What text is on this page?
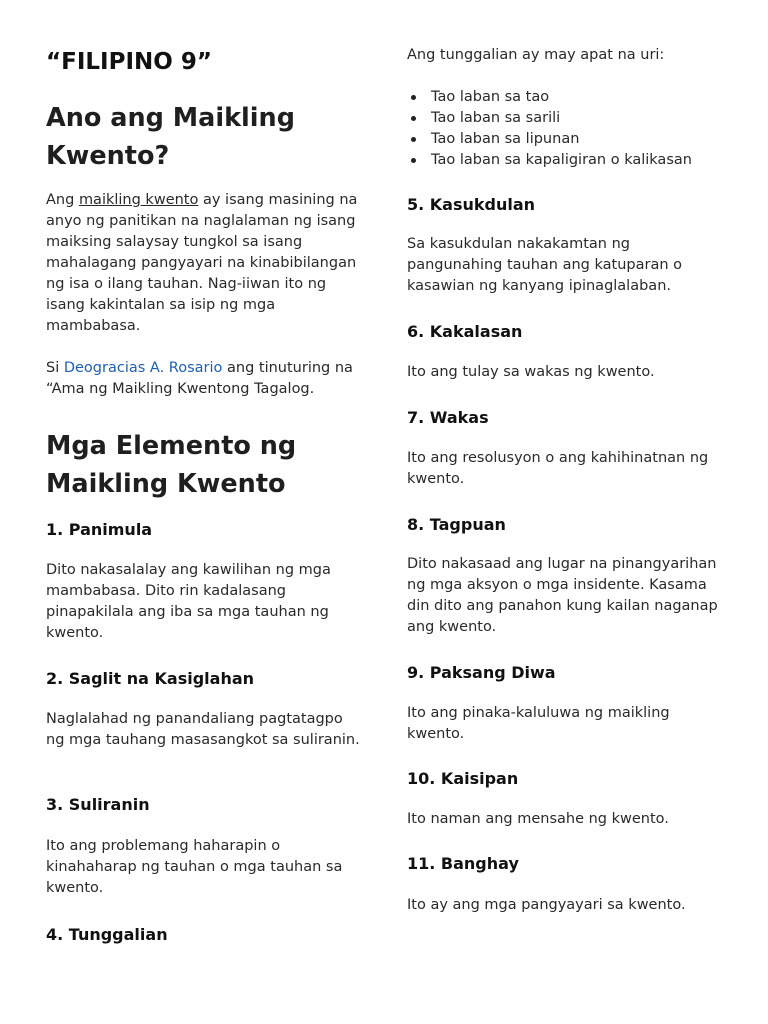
“FILIPINO 9”
Ano ang Maikling Kwento?

Ang maikling kwento ay isang masining na anyo ng panitikan na naglalaman ng isang maiksing salaysay tungkol sa isang mahalagang pangyayari na kinabibilangan ng isa o ilang tauhan. Nag-iiwan ito ng isang kakintalan sa isip ng mga mambabasa.

Si Deogracias A. Rosario ang tinuturing na “Ama ng Maikling Kwentong Tagalog.

Mga Elemento ng Maikling Kwento
1. Panimula

Dito nakasalalay ang kawilihan ng mga mambabasa. Dito rin kadalasang pinapakilala ang iba sa mga tauhan ng kwento.

2. Saglit na Kasiglahan

Naglalahad ng panandaliang pagtatagpo ng mga tauhang masasangkot sa suliranin.

3. Suliranin

Ito ang problemang haharapin o kinahaharap ng tauhan o mga tauhan sa kwento.

4. Tunggalian

Ang tunggalian ay may apat na uri:

Tao laban sa tao
Tao laban sa sarili
Tao laban sa lipunan
Tao laban sa kapaligiran o kalikasan
5. Kasukdulan

Sa kasukdulan nakakamtan ng pangunahing tauhan ang katuparan o kasawian ng kanyang ipinaglalaban.

6. Kakalasan

Ito ang tulay sa wakas ng kwento.

7. Wakas

Ito ang resolusyon o ang kahihinatnan ng kwento.

8. Tagpuan

Dito nakasaad ang lugar na pinangyarihan ng mga aksyon o mga insidente. Kasama din dito ang panahon kung kailan naganap ang kwento.

9. Paksang Diwa

Ito ang pinaka-kaluluwa ng maikling kwento.

10. Kaisipan

Ito naman ang mensahe ng kwento.

11. Banghay

Ito ay ang mga pangyayari sa kwento.
